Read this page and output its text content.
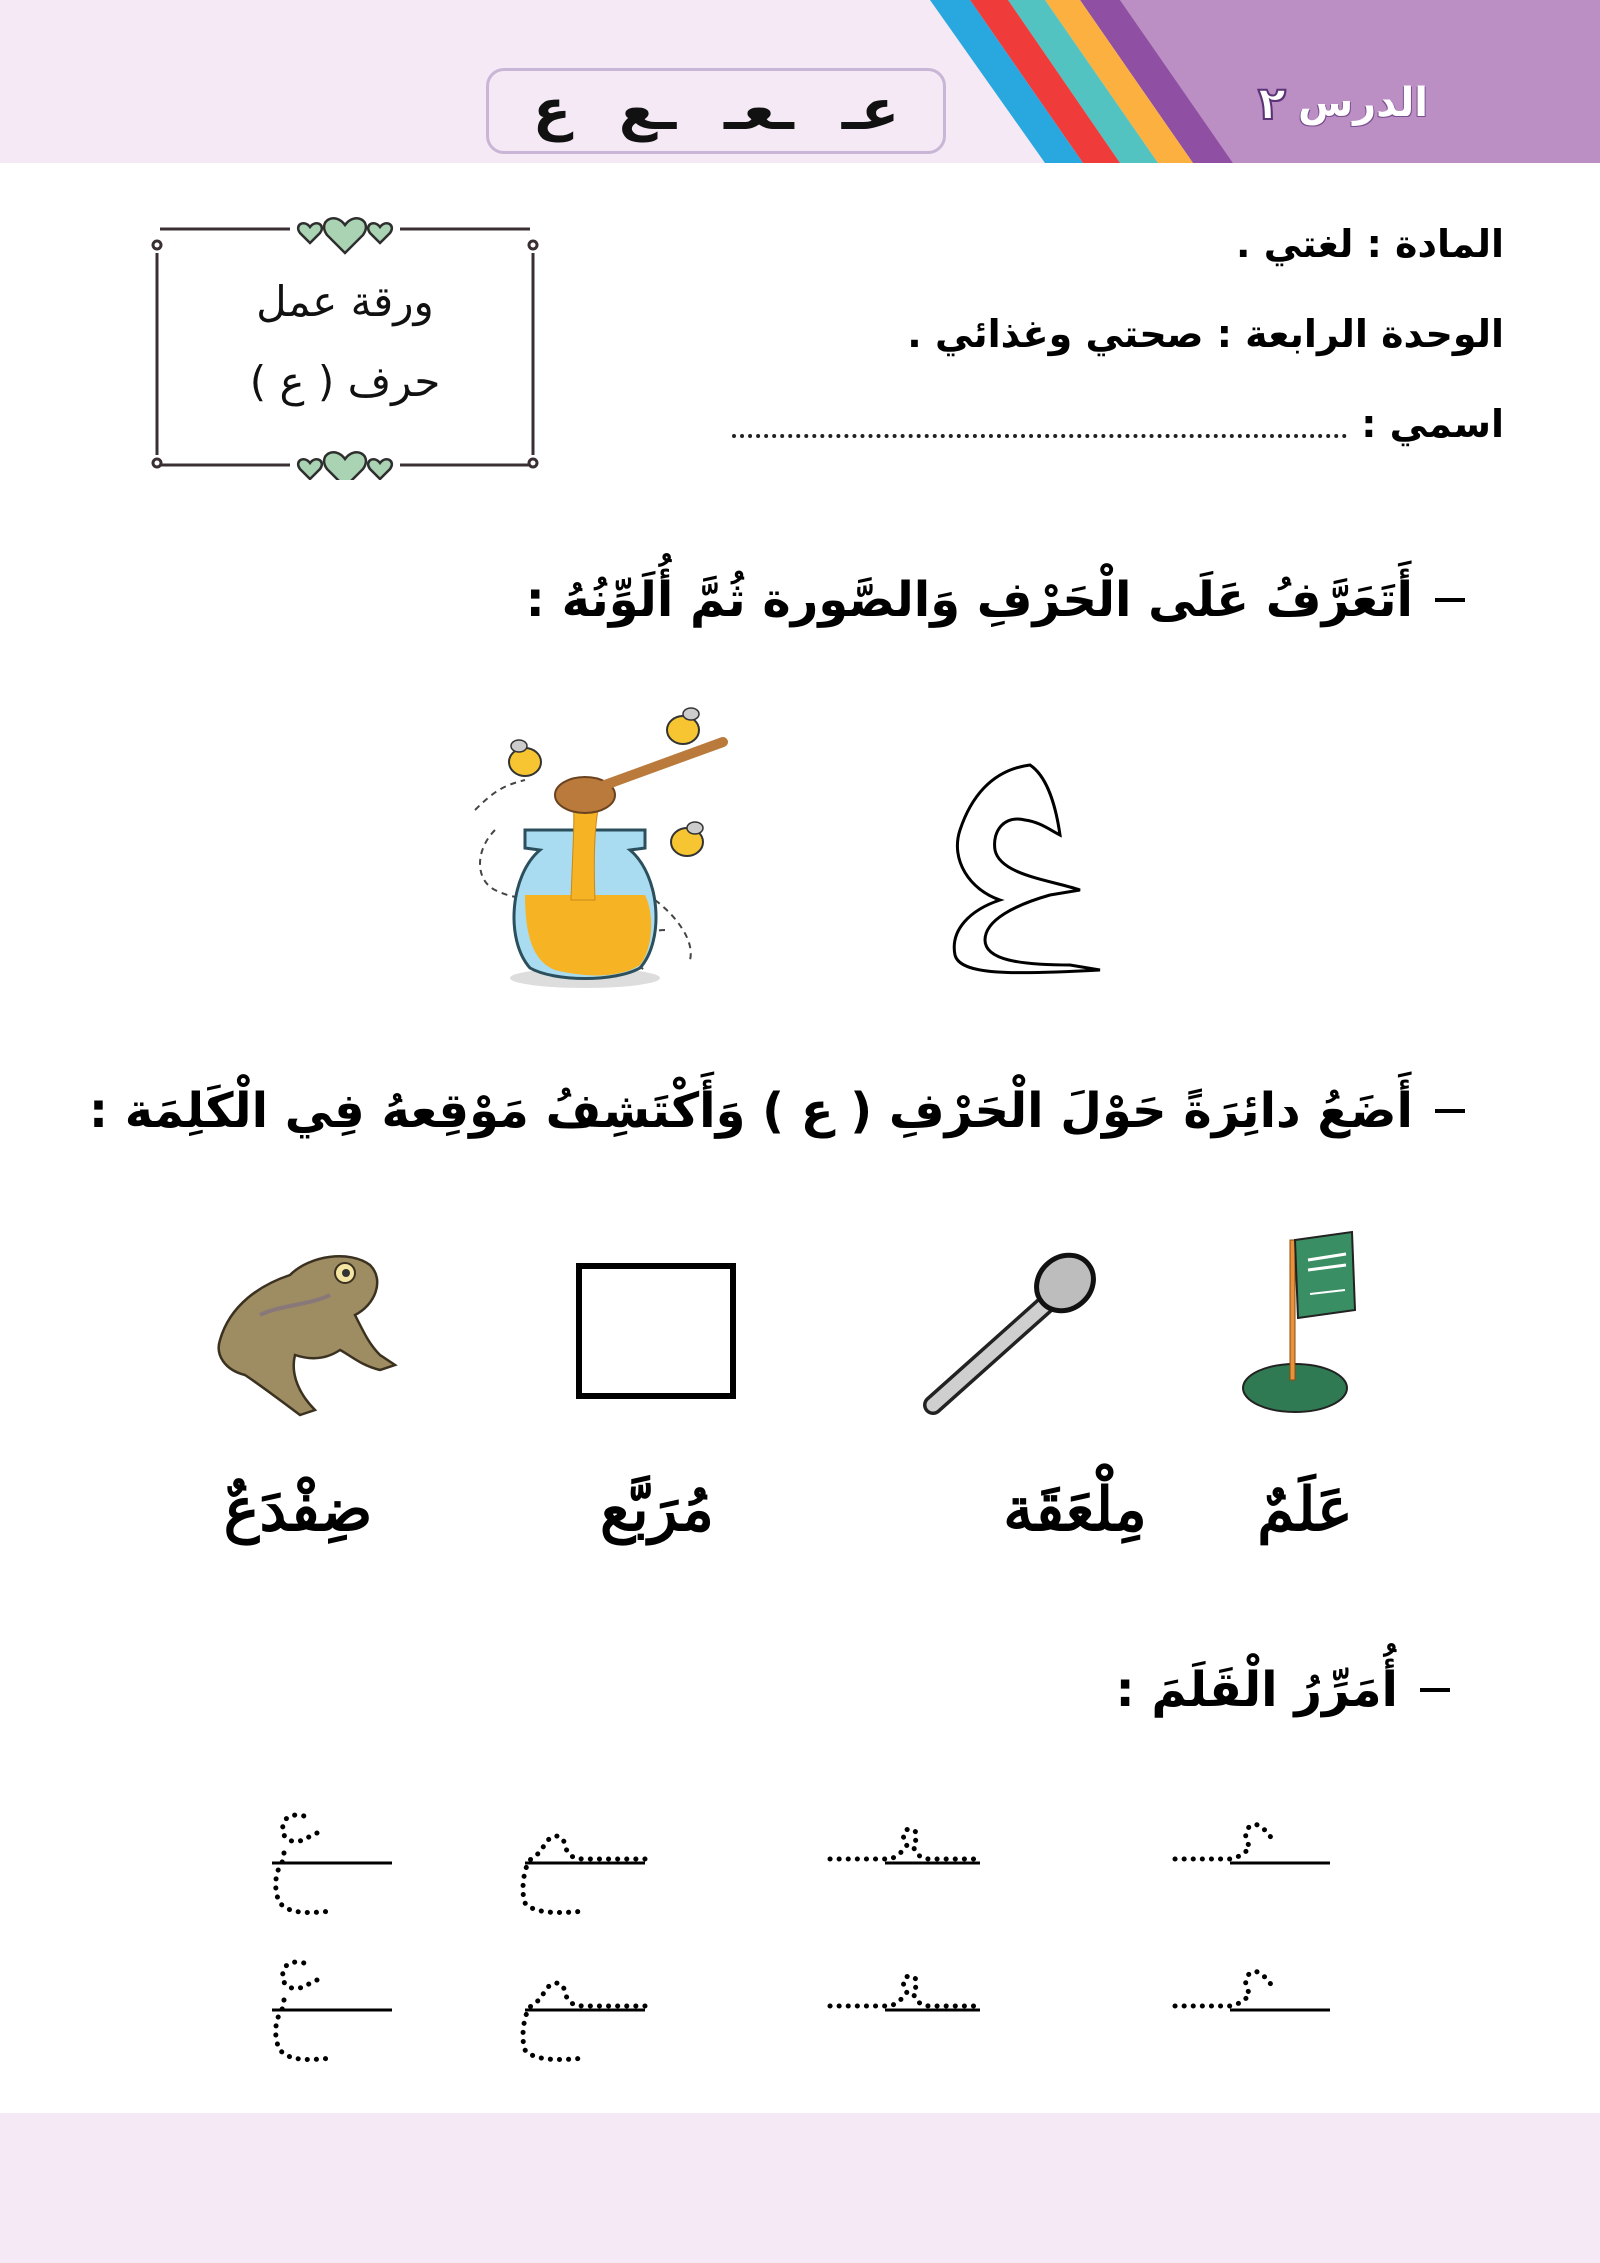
الدرس
٢
عـ
ـعـ
ـع
ع
المادة : لغتي .
الوحدة الرابعة : صحتي وغذائي .
اسمي :
ورقة عمل
حرف ( ع )
أَتَعَرَّفُ عَلَى الْحَرْفِ وَالصَّورة ثُمَّ أُلَوِّنُهُ :
أَضَعُ دائِرَةً حَوْلَ الْحَرْفِ ( ع ) وَأَكْتَشِفُ مَوْقِعهُ فِي الْكَلِمَة :
عَلَمٌ
مِلْعَقَة
مُرَبَّع
ضِفْدَعٌ
أُمَرِّرُ الْقَلَمَ :
